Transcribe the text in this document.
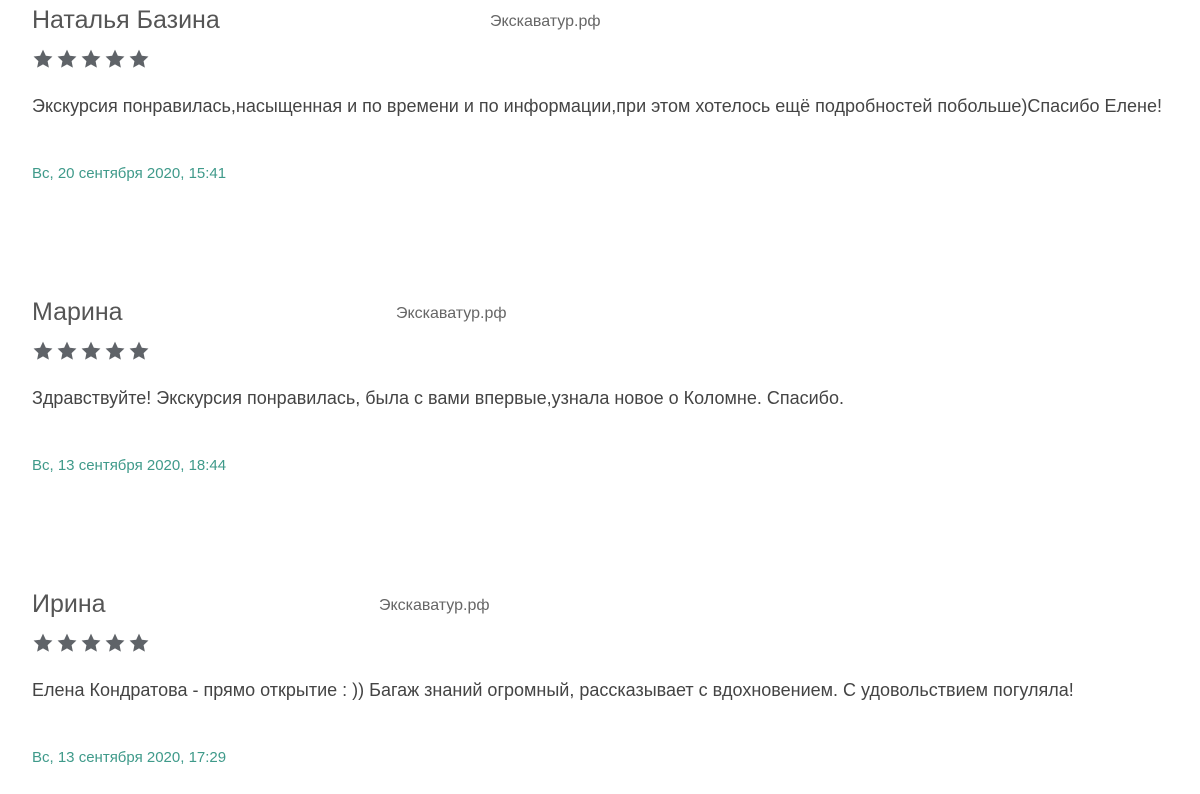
Наталья Базина	Экскаватур.рф
Экскурсия понравилась,насыщенная и по времени и по информации,при этом хотелось ещё подробностей побольше)Спасибо Елене!
Вс, 20 сентября 2020, 15:41
Марина	Экскаватур.рф
Здравствуйте! Экскурсия понравилась, была с вами впервые,узнала новое о Коломне. Спасибо.
Вс, 13 сентября 2020, 18:44
Ирина	Экскаватур.рф
Елена Кондратова - прямо открытие : )) Багаж знаний огромный, рассказывает с вдохновением. С удовольствием погуляла!
Вс, 13 сентября 2020, 17:29
